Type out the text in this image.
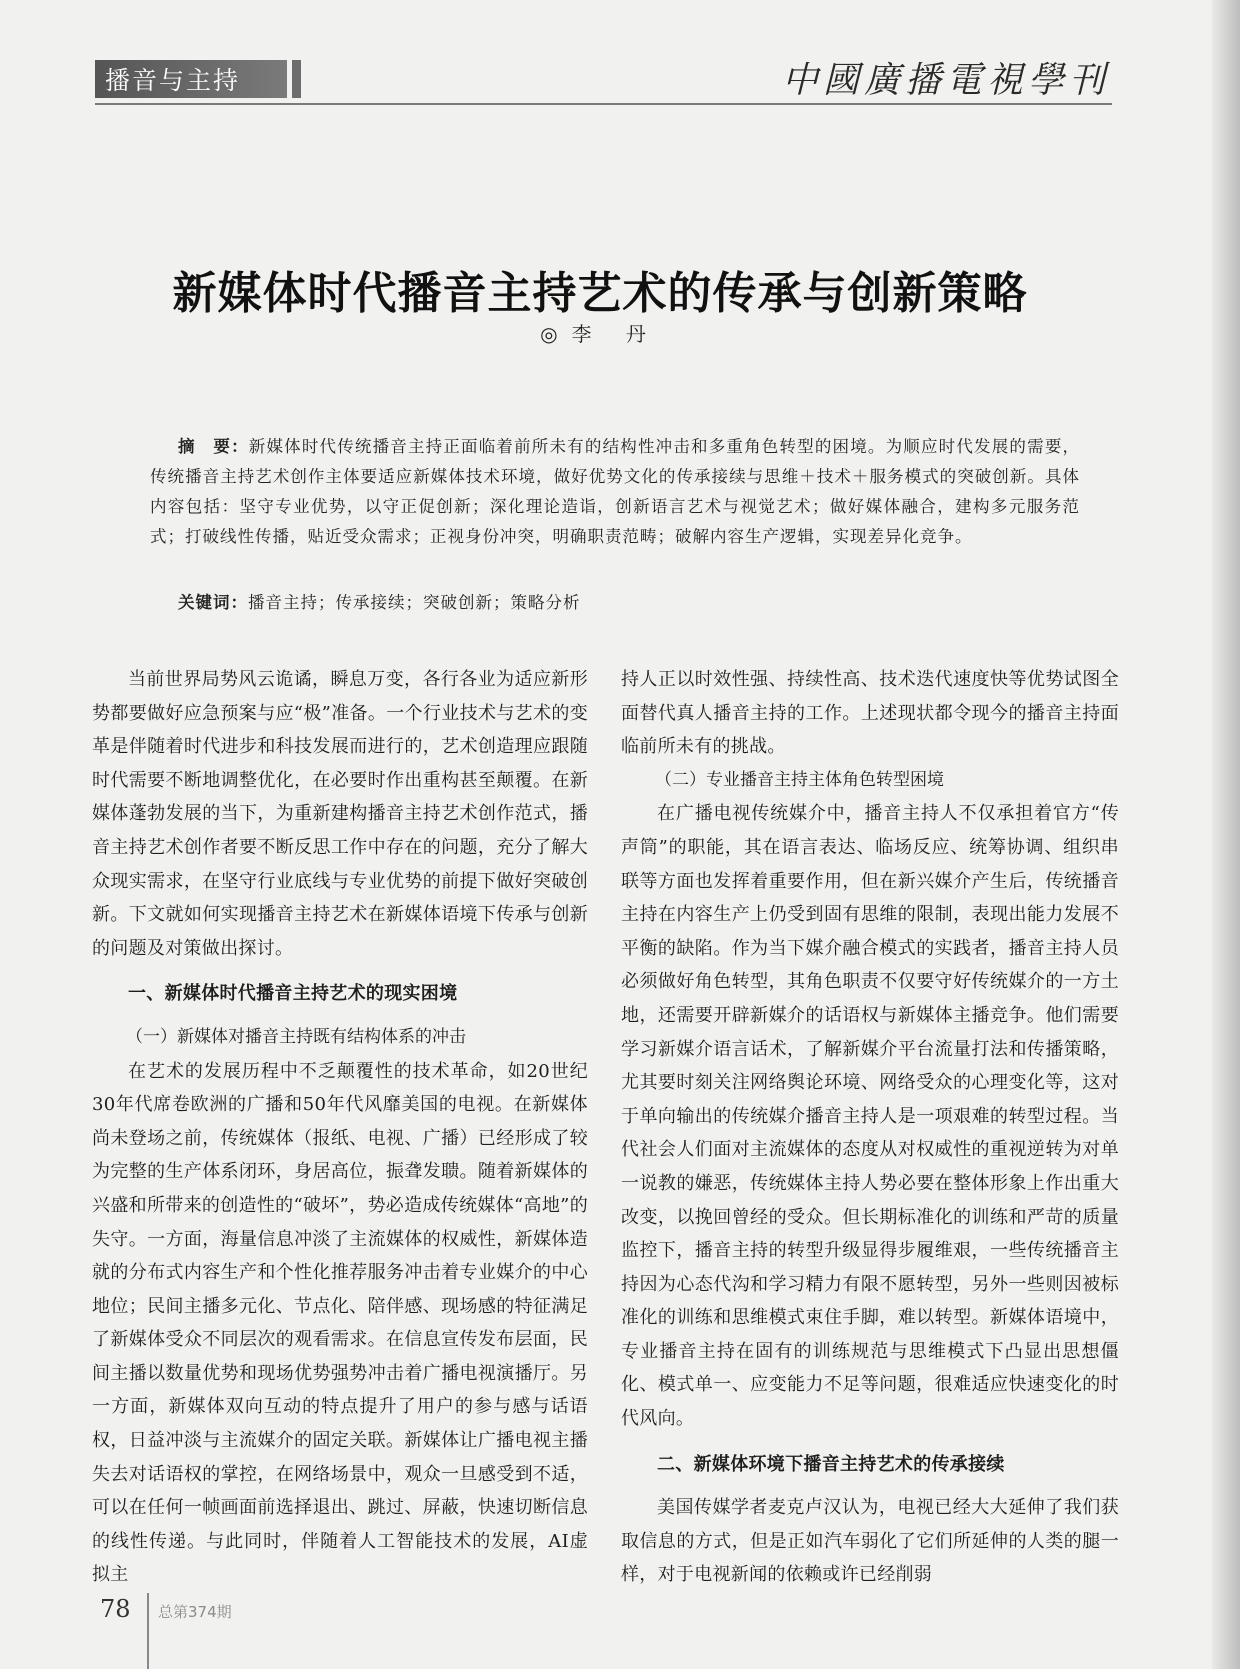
播音与主持	中國廣播電視學刊
新媒体时代播音主持艺术的传承与创新策略
◎李 丹
摘　要：新媒体时代传统播音主持正面临着前所未有的结构性冲击和多重角色转型的困境。为顺应时代发展的需要，传统播音主持艺术创作主体要适应新媒体技术环境，做好优势文化的传承接续与思维＋技术＋服务模式的突破创新。具体内容包括：坚守专业优势，以守正促创新；深化理论造诣，创新语言艺术与视觉艺术；做好媒体融合，建构多元服务范式；打破线性传播，贴近受众需求；正视身份冲突，明确职责范畴；破解内容生产逻辑，实现差异化竞争。
关键词：播音主持；传承接续；突破创新；策略分析

当前世界局势风云诡谲，瞬息万变，各行各业为适应新形势都要做好应急预案与应“极”准备。一个行业技术与艺术的变革是伴随着时代进步和科技发展而进行的，艺术创造理应跟随时代需要不断地调整优化，在必要时作出重构甚至颠覆。在新媒体蓬勃发展的当下，为重新建构播音主持艺术创作范式，播音主持艺术创作者要不断反思工作中存在的问题，充分了解大众现实需求，在坚守行业底线与专业优势的前提下做好突破创新。下文就如何实现播音主持艺术在新媒体语境下传承与创新的问题及对策做出探讨。

一、新媒体时代播音主持艺术的现实困境
（一）新媒体对播音主持既有结构体系的冲击

在艺术的发展历程中不乏颠覆性的技术革命，如20世纪30年代席卷欧洲的广播和50年代风靡美国的电视。在新媒体尚未登场之前，传统媒体（报纸、电视、广播）已经形成了较为完整的生产体系闭环，身居高位，振聋发聩。随着新媒体的兴盛和所带来的创造性的“破坏”，势必造成传统媒体“高地”的失守。一方面，海量信息冲淡了主流媒体的权威性，新媒体造就的分布式内容生产和个性化推荐服务冲击着专业媒介的中心地位；民间主播多元化、节点化、陪伴感、现场感的特征满足了新媒体受众不同层次的观看需求。在信息宣传发布层面，民间主播以数量优势和现场优势强势冲击着广播电视演播厅。另一方面，新媒体双向互动的特点提升了用户的参与感与话语权，日益冲淡与主流媒介的固定关联。新媒体让广播电视主播失去对话语权的掌控，在网络场景中，观众一旦感受到不适，可以在任何一帧画面前选择退出、跳过、屏蔽，快速切断信息的线性传递。与此同时，伴随着人工智能技术的发展，AI虚拟主

持人正以时效性强、持续性高、技术迭代速度快等优势试图全面替代真人播音主持的工作。上述现状都令现今的播音主持面临前所未有的挑战。

（二）专业播音主持主体角色转型困境

在广播电视传统媒介中，播音主持人不仅承担着官方“传声筒”的职能，其在语言表达、临场反应、统筹协调、组织串联等方面也发挥着重要作用，但在新兴媒介产生后，传统播音主持在内容生产上仍受到固有思维的限制，表现出能力发展不平衡的缺陷。作为当下媒介融合模式的实践者，播音主持人员必须做好角色转型，其角色职责不仅要守好传统媒介的一方土地，还需要开辟新媒介的话语权与新媒体主播竞争。他们需要学习新媒介语言话术，了解新媒介平台流量打法和传播策略，尤其要时刻关注网络舆论环境、网络受众的心理变化等，这对于单向输出的传统媒介播音主持人是一项艰难的转型过程。当代社会人们面对主流媒体的态度从对权威性的重视逆转为对单一说教的嫌恶，传统媒体主持人势必要在整体形象上作出重大改变，以挽回曾经的受众。但长期标准化的训练和严苛的质量监控下，播音主持的转型升级显得步履维艰，一些传统播音主持因为心态代沟和学习精力有限不愿转型，另外一些则因被标准化的训练和思维模式束住手脚，难以转型。新媒体语境中，专业播音主持在固有的训练规范与思维模式下凸显出思想僵化、模式单一、应变能力不足等问题，很难适应快速变化的时代风向。

二、新媒体环境下播音主持艺术的传承接续

美国传媒学者麦克卢汉认为，电视已经大大延伸了我们获取信息的方式，但是正如汽车弱化了它们所延伸的人类的腿一样，对于电视新闻的依赖或许已经削弱

78 总第374期
